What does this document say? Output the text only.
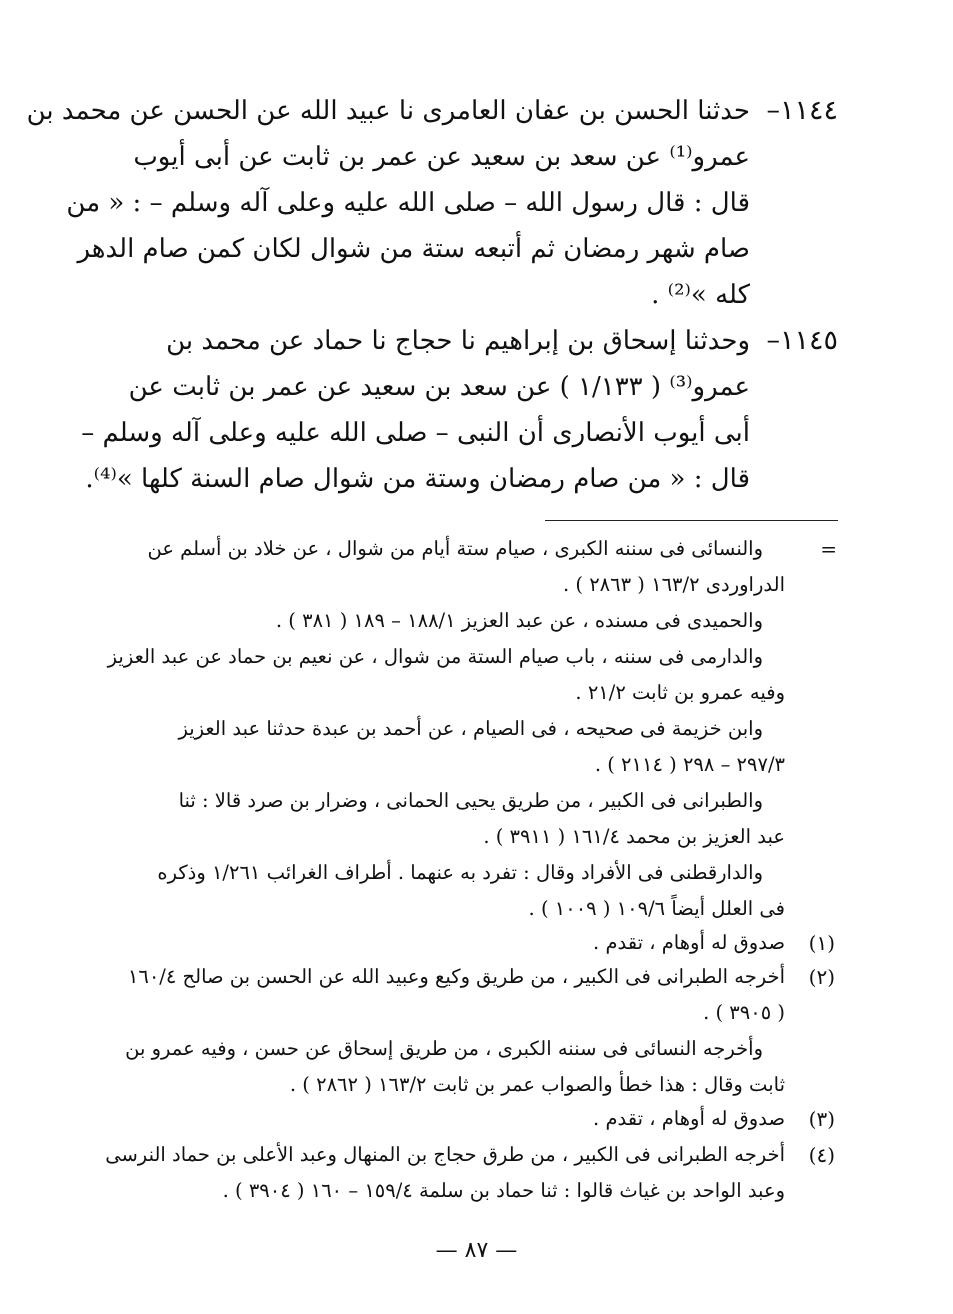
١١٤٤–
حدثنا الحسن بن عفان العامرى نا عبيد الله عن الحسن عن محمد بن
عمرو⁽¹⁾ عن سعد بن سعيد عن عمر بن ثابت عن أبى أيوب
قال : قال رسول الله – صلى الله عليه وعلى آله وسلم – : « من
صام شهر رمضان ثم أتبعه ستة من شوال لكان كمن صام الدهر
كله »⁽²⁾ .
١١٤٥–
وحدثنا إسحاق بن إبراهيم نا حجاج نا حماد عن محمد بن
عمرو⁽³⁾ ( ١/١٣٣ ) عن سعد بن سعيد عن عمر بن ثابت عن
أبى أيوب الأنصارى أن النبى – صلى الله عليه وعلى آله وسلم –
قال : « من صام رمضان وستة من شوال صام السنة كلها »⁽⁴⁾.
=
والنسائى فى سننه الكبرى ، صيام ستة أيام من شوال ، عن خلاد بن أسلم عن
الدراوردى ١٦٣/٢ ( ٢٨٦٣ ) .
والحميدى فى مسنده ، عن عبد العزيز ١٨٨/١ – ١٨٩ ( ٣٨١ ) .
والدارمى فى سننه ، باب صيام الستة من شوال ، عن نعيم بن حماد عن عبد العزيز
وفيه عمرو بن ثابت ٢١/٢ .
وابن خزيمة فى صحيحه ، فى الصيام ، عن أحمد بن عبدة حدثنا عبد العزيز
٢٩٧/٣ – ٢٩٨ ( ٢١١٤ ) .
والطبرانى فى الكبير ، من طريق يحيى الحمانى ، وضرار بن صرد قالا : ثنا
عبد العزيز بن محمد ١٦١/٤ ( ٣٩١١ ) .
والدارقطنى فى الأفراد وقال : تفرد به عنهما . أطراف الغرائب ١/٢٦١ وذكره
فى العلل أيضاً ١٠٩/٦ ( ١٠٠٩ ) .
(١)
صدوق له أوهام ، تقدم .
(٢)
أخرجه الطبرانى فى الكبير ، من طريق وكيع وعبيد الله عن الحسن بن صالح ١٦٠/٤
( ٣٩٠٥ ) .
وأخرجه النسائى فى سننه الكبرى ، من طريق إسحاق عن حسن ، وفيه عمرو بن
ثابت وقال : هذا خطأ والصواب عمر بن ثابت ١٦٣/٢ ( ٢٨٦٢ ) .
(٣)
صدوق له أوهام ، تقدم .
(٤)
أخرجه الطبرانى فى الكبير ، من طرق حجاج بن المنهال وعبد الأعلى بن حماد النرسى
وعبد الواحد بن غياث قالوا : ثنا حماد بن سلمة ١٥٩/٤ – ١٦٠ ( ٣٩٠٤ ) .
— ٨٧ —
